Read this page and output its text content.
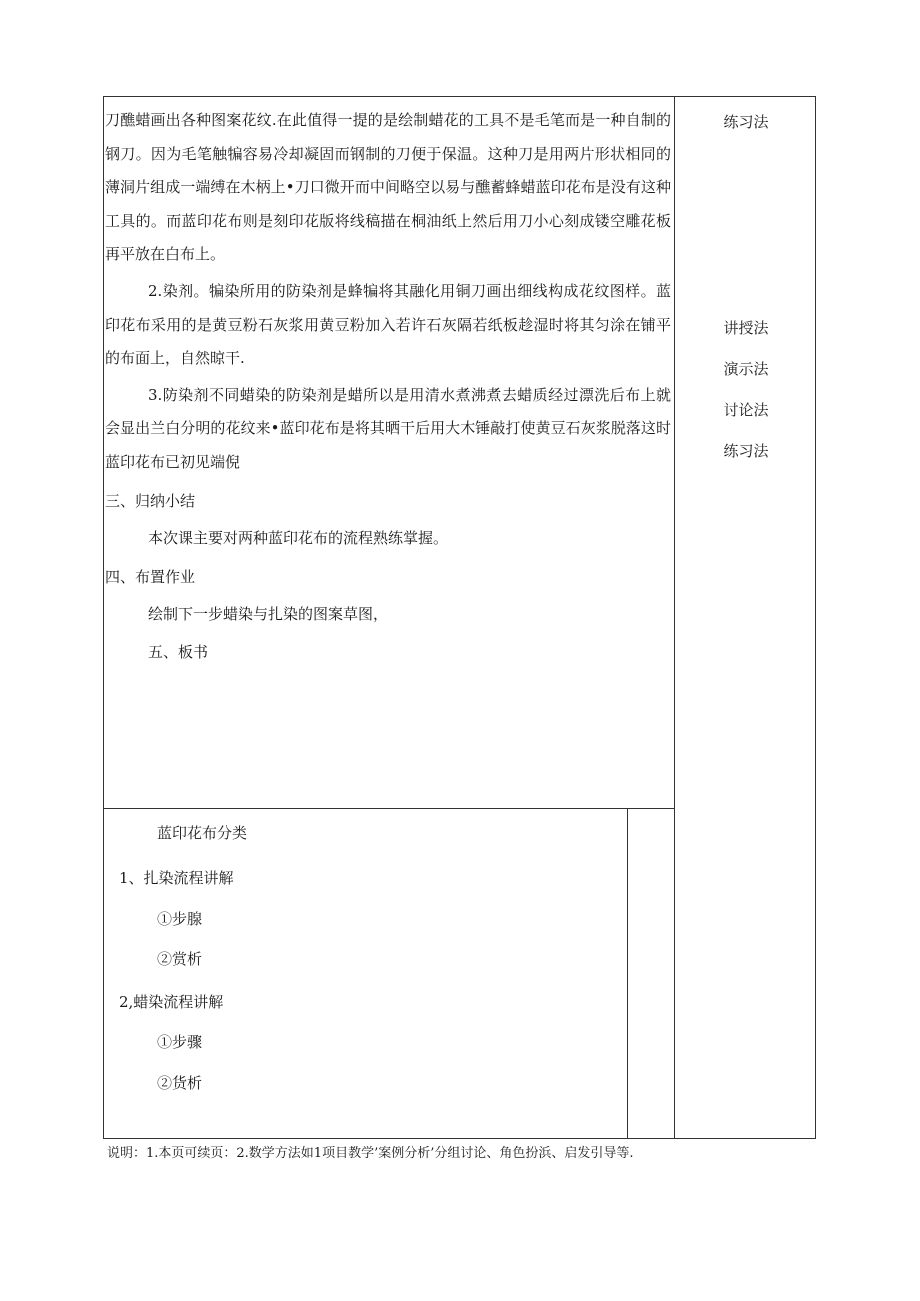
刀醮蜡画出各种图案花纹.在此值得一提的是绘制蜡花的工具不是毛笔而是一种自制的钢刀。因为毛笔触犏容易冷却凝固而钢制的刀便于保温。这种刀是用两片形状相同的薄洞片组成一端缚在木柄上•刀口微开而中间略空以易与醮蓄蜂蜡蓝印花布是没有这种工具的。而蓝印花布则是刻印花版将线稿描在桐油纸上然后用刀小心刻成镂空雕花板再平放在白布上。

2.染剂。犏染所用的防染剂是蜂犏将其融化用铜刀画出细线构成花纹图样。蓝印花布采用的是黄豆粉石灰浆用黄豆粉加入若许石灰隔若纸板趁湿时将其匀涂在铺平的布面上，自然晾干.

3.防染剂不同蜡染的防染剂是蜡所以是用清水煮沸煮去蜡质经过漂洗后布上就会显出兰白分明的花纹来•蓝印花布是将其晒干后用大木锤敲打使黄豆石灰浆脱落这时蓝印花布已初见端倪

三、归纳小结

本次课主要对两种蓝印花布的流程熟练掌握。

四、布置作业

绘制下一步蜡染与扎染的图案草图，

五、板书

练习法
讲授法
演示法
讨论法
练习法
蓝印花布分类
1、扎染流程讲解
①步腺
②赏析
2,蜡染流程讲解
①步骤
②货析
说明：1.本页可续页：2.数学方法如1项目教学’案例分析’分组讨论、角色扮浜、启发引导等.
